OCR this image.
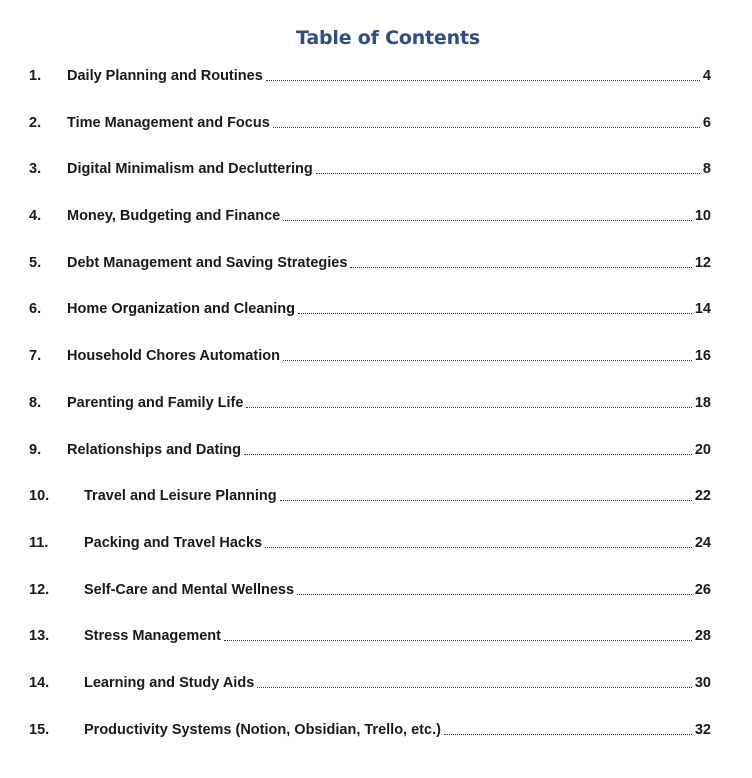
Table of Contents
1.	Daily Planning and Routines	4
2.	Time Management and Focus	6
3.	Digital Minimalism and Decluttering	8
4.	Money, Budgeting and Finance	10
5.	Debt Management and Saving Strategies	12
6.	Home Organization and Cleaning	14
7.	Household Chores Automation	16
8.	Parenting and Family Life	18
9.	Relationships and Dating	20
10.	Travel and Leisure Planning	22
11.	Packing and Travel Hacks	24
12.	Self-Care and Mental Wellness	26
13.	Stress Management	28
14.	Learning and Study Aids	30
15.	Productivity Systems (Notion, Obsidian, Trello, etc.)	32
